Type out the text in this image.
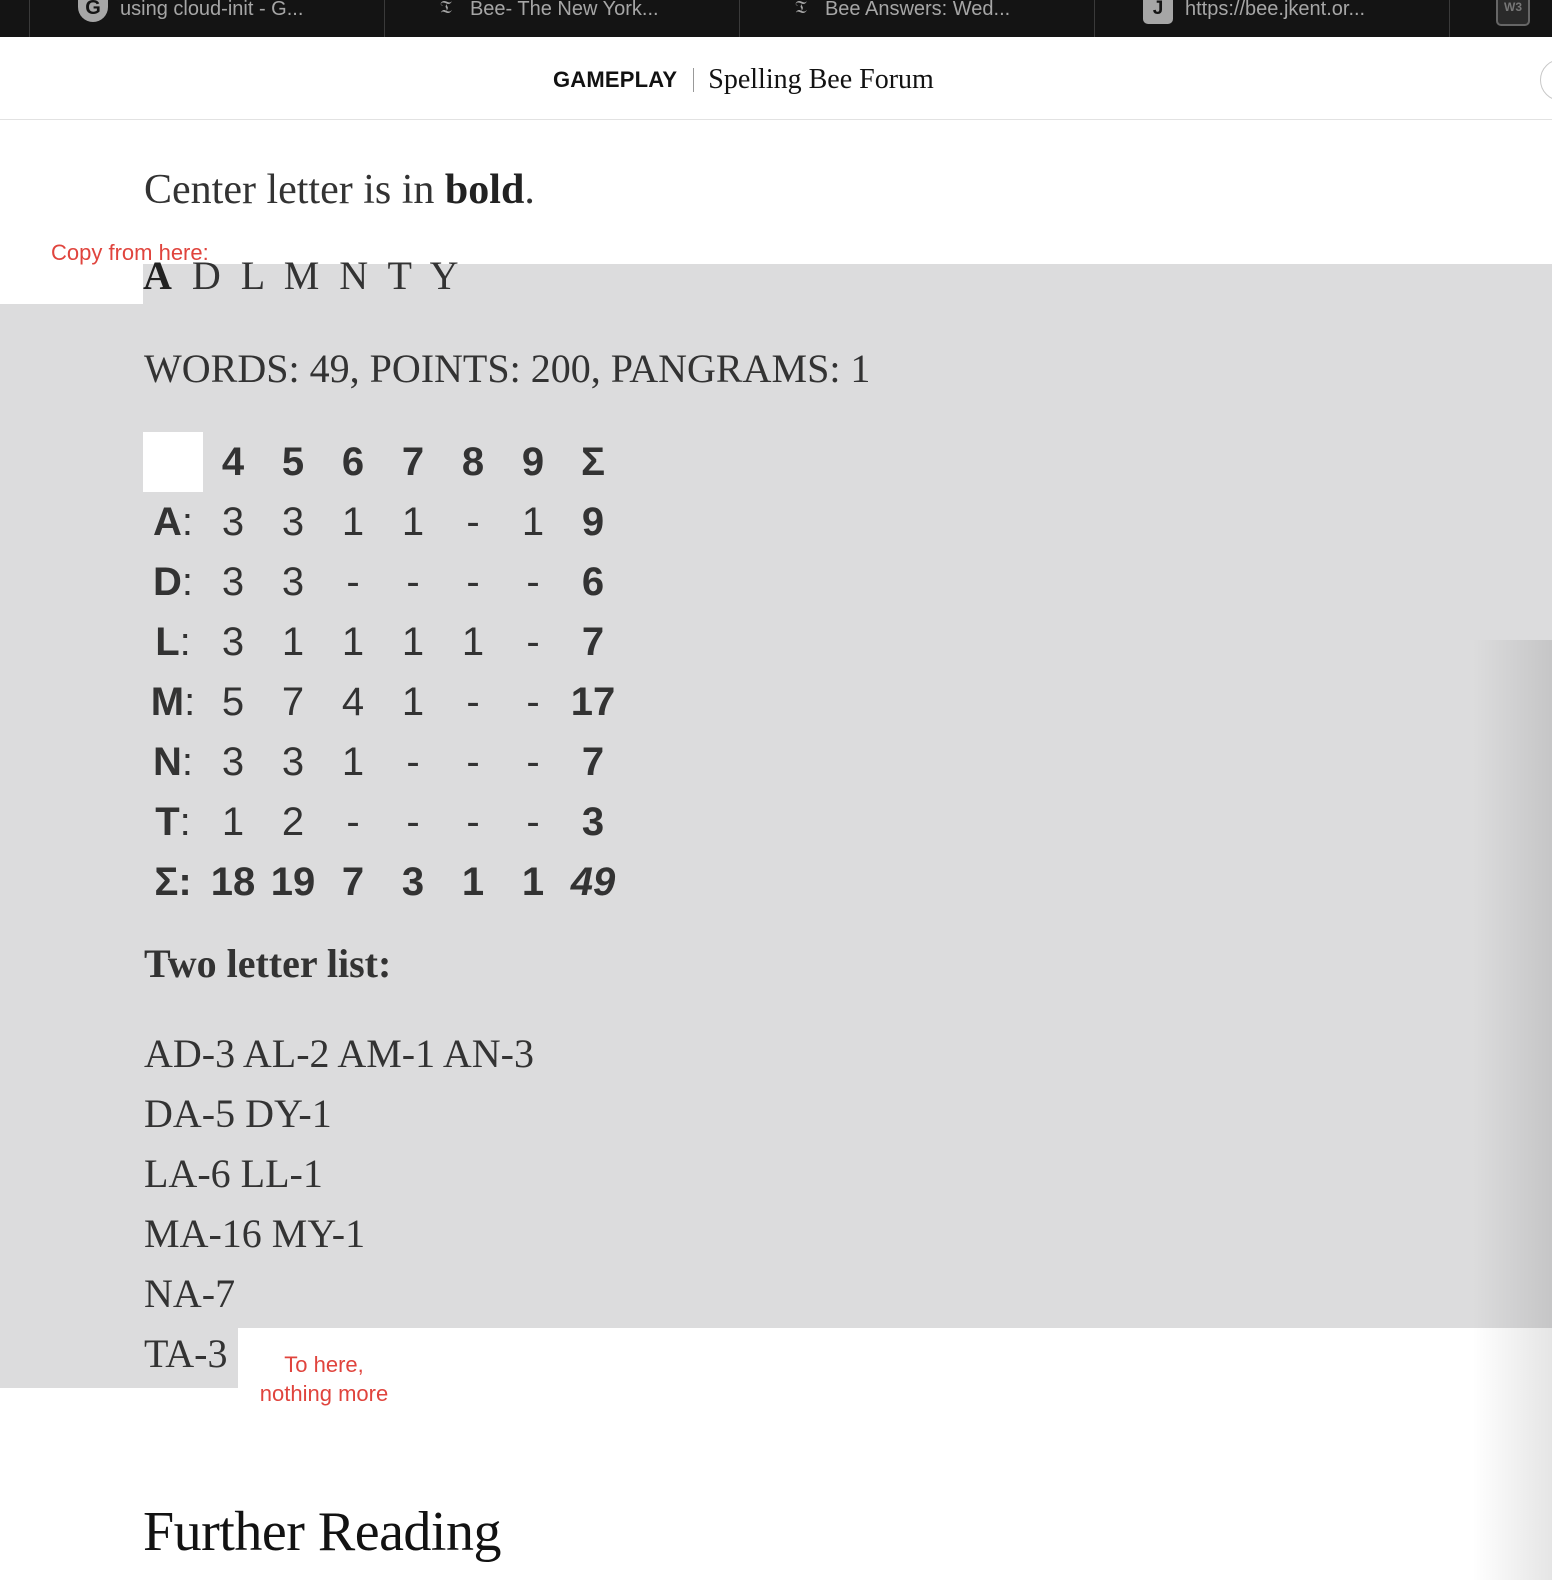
G using cloud-init - G...	𝔗 Bee- The New York...	𝔗 Bee Answers: Wed...	J	https://bee.jkent.or...	W3
GAMEPLAY Spelling Bee Forum
Center letter is in bold.
Copy from here:
A D L M N T Y
WORDS: 49, POINTS: 200, PANGRAMS: 1
	4	5	6	7	8	9	Σ
A:	3	3	1	1	-	1	9
D:	3	3	-	-	-	-	6
L:	3	1	1	1	1	-	7
M:	5	7	4	1	-	-	17
N:	3	3	1	-	-	-	7
T:	1	2	-	-	-	-	3
Σ:	18	19	7	3	1	1	49
Two letter list:
AD-3 AL-2 AM-1 AN-3
DA-5 DY-1
LA-6 LL-1
MA-16 MY-1
NA-7
TA-3	To here,
nothing more
Further Reading
